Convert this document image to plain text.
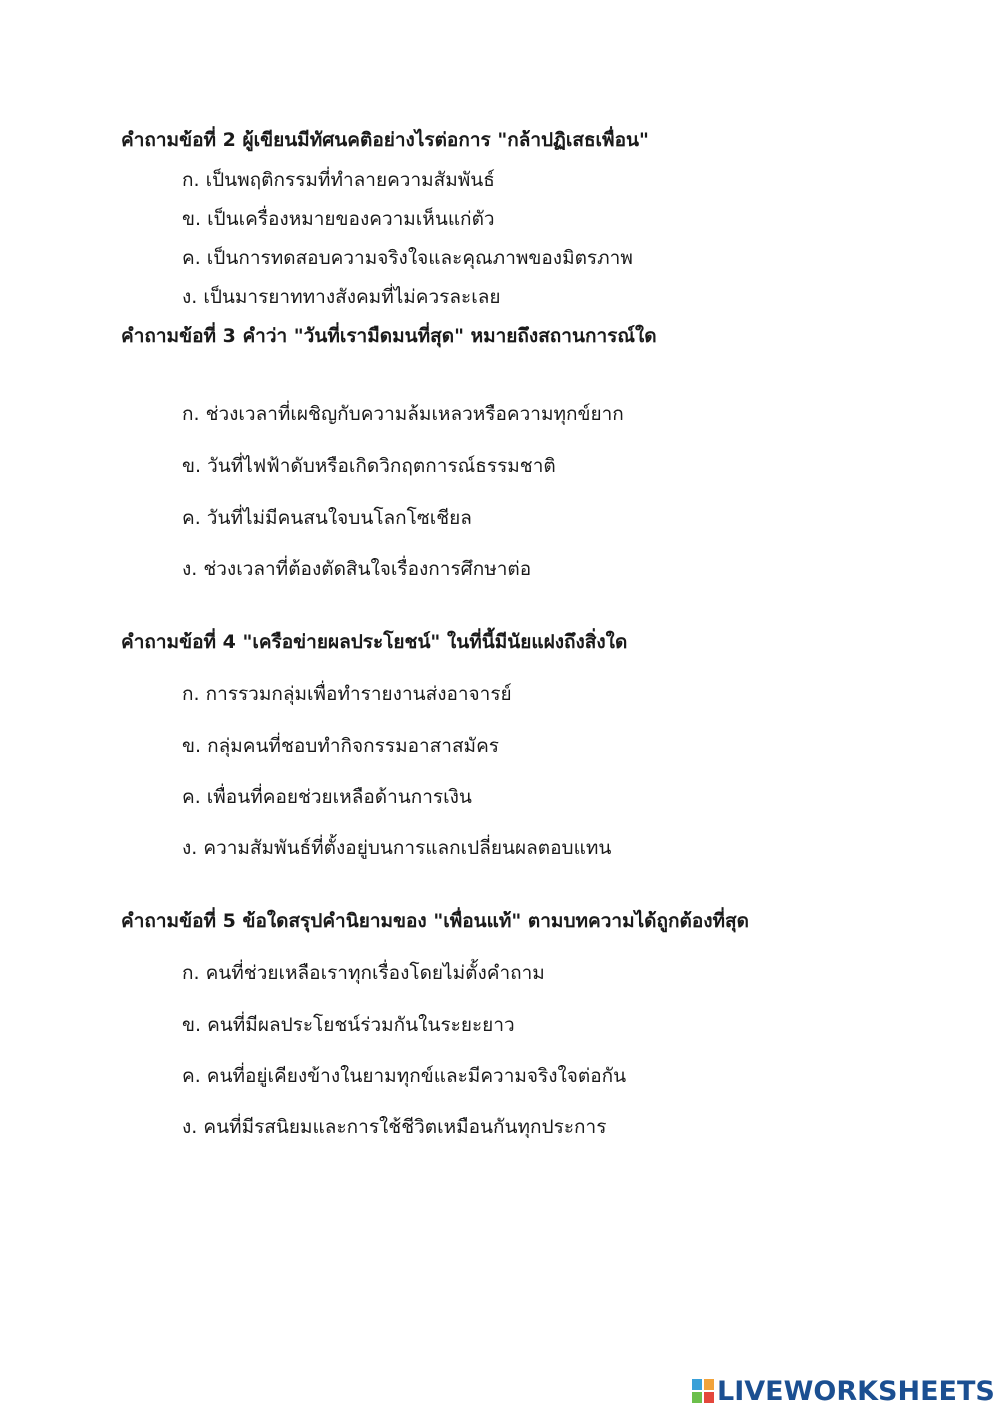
คำถามข้อที่ 2 ผู้เขียนมีทัศนคติอย่างไรต่อการ "กล้าปฏิเสธเพื่อน"
ก. เป็นพฤติกรรมที่ทำลายความสัมพันธ์
ข. เป็นเครื่องหมายของความเห็นแก่ตัว
ค. เป็นการทดสอบความจริงใจและคุณภาพของมิตรภาพ
ง. เป็นมารยาททางสังคมที่ไม่ควรละเลย
คำถามข้อที่ 3 คำว่า "วันที่เรามืดมนที่สุด" หมายถึงสถานการณ์ใด
ก. ช่วงเวลาที่เผชิญกับความล้มเหลวหรือความทุกข์ยาก
ข. วันที่ไฟฟ้าดับหรือเกิดวิกฤตการณ์ธรรมชาติ
ค. วันที่ไม่มีคนสนใจบนโลกโซเชียล
ง. ช่วงเวลาที่ต้องตัดสินใจเรื่องการศึกษาต่อ
คำถามข้อที่ 4 "เครือข่ายผลประโยชน์" ในที่นี้มีนัยแฝงถึงสิ่งใด
ก. การรวมกลุ่มเพื่อทำรายงานส่งอาจารย์
ข. กลุ่มคนที่ชอบทำกิจกรรมอาสาสมัคร
ค. เพื่อนที่คอยช่วยเหลือด้านการเงิน
ง. ความสัมพันธ์ที่ตั้งอยู่บนการแลกเปลี่ยนผลตอบแทน
คำถามข้อที่ 5 ข้อใดสรุปคำนิยามของ "เพื่อนแท้" ตามบทความได้ถูกต้องที่สุด
ก. คนที่ช่วยเหลือเราทุกเรื่องโดยไม่ตั้งคำถาม
ข. คนที่มีผลประโยชน์ร่วมกันในระยะยาว
ค. คนที่อยู่เคียงข้างในยามทุกข์และมีความจริงใจต่อกัน
ง. คนที่มีรสนิยมและการใช้ชีวิตเหมือนกันทุกประการ
LIVEWORKSHEETS
